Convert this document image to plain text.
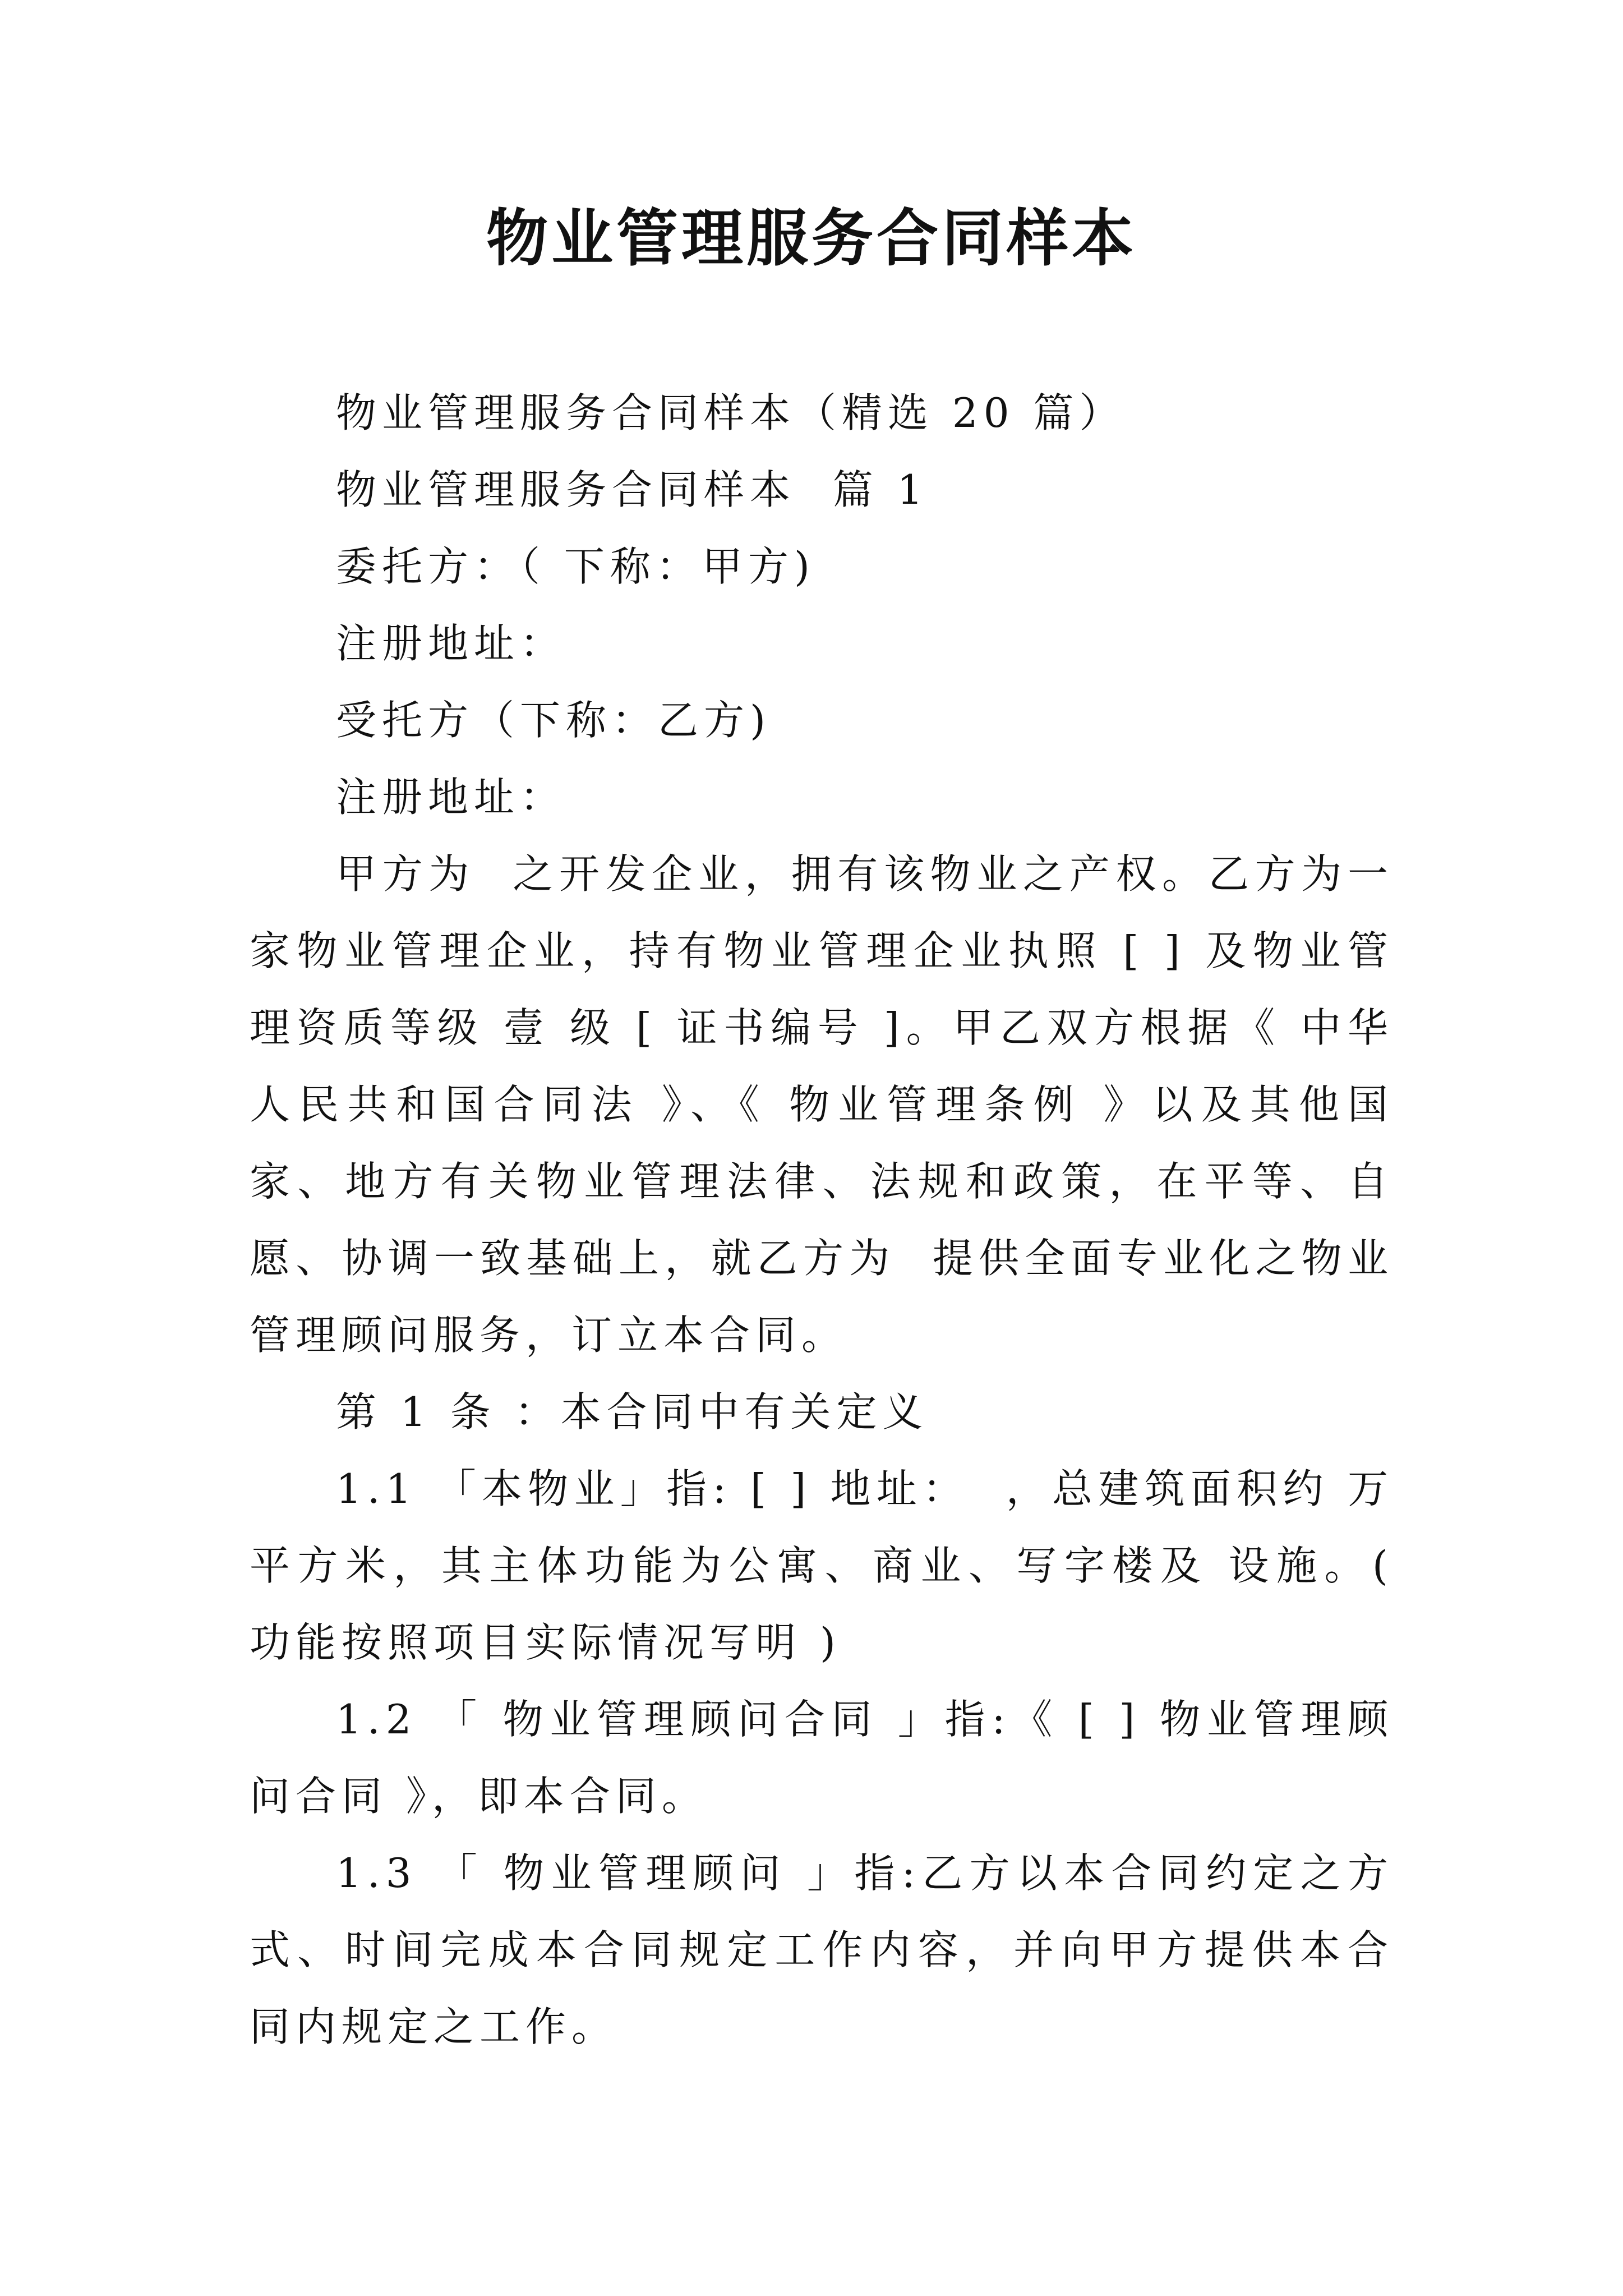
物业管理服务合同样本

物业管理服务合同样本（精选 20 篇）

物业管理服务合同样本  篇 1

委托方：（ 下称：甲方)

注册地址：

受托方（下称：乙方)

注册地址：

甲方为  之开发企业，拥有该物业之产权。乙方为一家物业管理企业，持有物业管理企业执照 [ ] 及物业管理资质等级 壹 级 [ 证书编号 ]。甲乙双方根据《 中华人民共和国合同法 》、《 物业管理条例 》以及其他国家、地方有关物业管理法律、法规和政策，在平等、自愿、协调一致基础上，就乙方为  提供全面专业化之物业管理顾问服务，订立本合同。

第 1 条 ：本合同中有关定义

1.1 「本物业」指: [ ] 地址：  ，总建筑面积约 万平方米，其主体功能为公寓、商业、写字楼及 设施。( 功能按照项目实际情况写明 )

1.2 「 物业管理顾问合同 」指:《 [ ] 物业管理顾问合同 》，即本合同。

1.3 「 物业管理顾问 」指:乙方以本合同约定之方式、时间完成本合同规定工作内容，并向甲方提供本合同内规定之工作。
